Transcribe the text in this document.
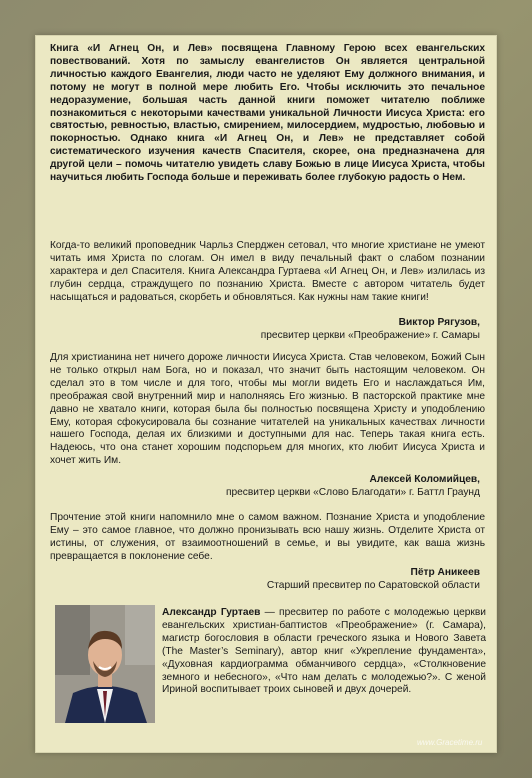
Книга «И Агнец Он, и Лев» посвящена Главному Герою всех евангельских повествований. Хотя по замыслу евангелистов Он является центральной личностью каждого Евангелия, люди часто не уделяют Ему должного внимания, и потому не могут в полной мере любить Его. Чтобы исключить это печальное недоразумение, большая часть данной книги поможет читателю поближе познакомиться с некоторыми качествами уникальной Личности Иисуса Христа: его святостью, ревностью, властью, смирением, милосердием, мудростью, любовью и покорностью. Однако книга «И Агнец Он, и Лев» не представляет собой систематического изучения качеств Спасителя, скорее, она предназначена для другой цели – помочь читателю увидеть славу Божью в лице Иисуса Христа, чтобы научиться любить Господа больше и переживать более глубокую радость о Нем.

Когда-то великий проповедник Чарльз Сперджен сетовал, что многие христиане не умеют читать имя Христа по слогам. Он имел в виду печальный факт о слабом познании характера и дел Спасителя. Книга Александра Гуртаева «И Агнец Он, и Лев» излилась из глубин сердца, страждущего по познанию Христа. Вместе с автором читатель будет насыщаться и радоваться, скорбеть и обновляться. Как нужны нам такие книги!

Виктор Рягузов,
пресвитер церкви «Преображение» г. Самары

Для христианина нет ничего дороже личности Иисуса Христа. Став человеком, Божий Сын не только открыл нам Бога, но и показал, что значит быть настоящим человеком. Он сделал это в том числе и для того, чтобы мы могли видеть Его и наслаждаться Им, преображая свой внутренний мир и наполняясь Его жизнью. В пасторской практике мне давно не хватало книги, которая была бы полностью посвящена Христу и уподоблению Ему, которая сфокусировала бы сознание читателей на уникальных качествах личности нашего Господа, делая их близкими и доступными для нас. Теперь такая книга есть. Надеюсь, что она станет хорошим подспорьем для многих, кто любит Иисуса Христа и хочет жить Им.

Алексей Коломийцев,
пресвитер церкви «Слово Благодати» г. Баттл Граунд

Прочтение этой книги напомнило мне о самом важном. Познание Христа и уподобление Ему – это самое главное, что должно пронизывать всю нашу жизнь. Отделите Христа от истины, от служения, от взаимоотношений в семье, и вы увидите, как ваша жизнь превращается в поклонение себе.

Пётр Аникеев
Старший пресвитер по Саратовской области

Александр Гуртаев — пресвитер по работе с молодежью церкви евангельских христиан-баптистов «Преображение» (г. Самара), магистр богословия в области греческого языка и Нового Завета (The Master’s Seminary), автор книг «Укрепление фундамента», «Духовная кардиограмма обманчивого сердца», «Столкновение земного и небесного», «Что нам делать с молодежью?». С женой Ириной воспитывает троих сыновей и двух дочерей.

www.Gracetime.ru
